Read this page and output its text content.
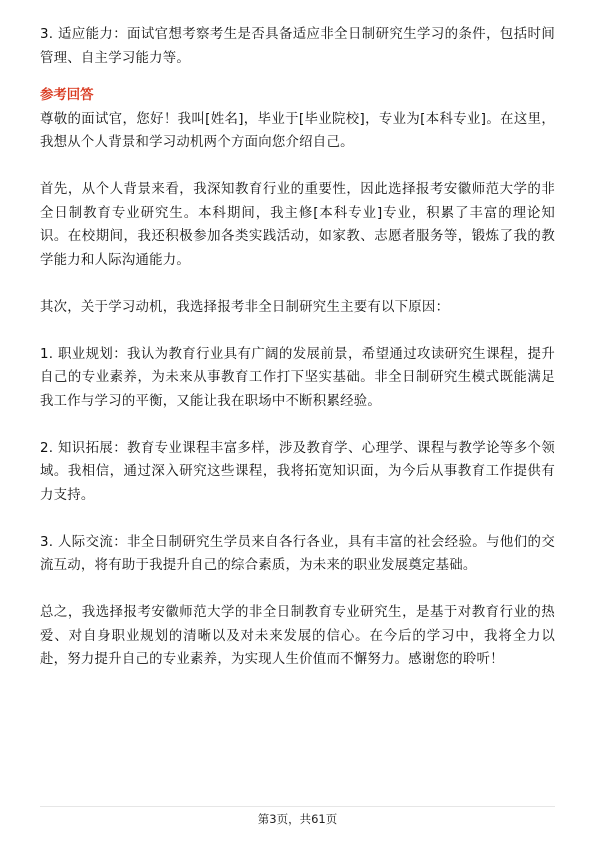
3. 适应能力：面试官想考察考生是否具备适应非全日制研究生学习的条件，包括时间管理、自主学习能力等。

参考回答

尊敬的面试官，您好！我叫[姓名]，毕业于[毕业院校]，专业为[本科专业]。在这里，我想从个人背景和学习动机两个方面向您介绍自己。

首先，从个人背景来看，我深知教育行业的重要性，因此选择报考安徽师范大学的非全日制教育专业研究生。本科期间，我主修[本科专业]专业，积累了丰富的理论知识。在校期间，我还积极参加各类实践活动，如家教、志愿者服务等，锻炼了我的教学能力和人际沟通能力。

其次，关于学习动机，我选择报考非全日制研究生主要有以下原因：

1. 职业规划：我认为教育行业具有广阔的发展前景，希望通过攻读研究生课程，提升自己的专业素养，为未来从事教育工作打下坚实基础。非全日制研究生模式既能满足我工作与学习的平衡，又能让我在职场中不断积累经验。

2. 知识拓展：教育专业课程丰富多样，涉及教育学、心理学、课程与教学论等多个领域。我相信，通过深入研究这些课程，我将拓宽知识面，为今后从事教育工作提供有力支持。

3. 人际交流：非全日制研究生学员来自各行各业，具有丰富的社会经验。与他们的交流互动，将有助于我提升自己的综合素质，为未来的职业发展奠定基础。

总之，我选择报考安徽师范大学的非全日制教育专业研究生，是基于对教育行业的热爱、对自身职业规划的清晰以及对未来发展的信心。在今后的学习中，我将全力以赴，努力提升自己的专业素养，为实现人生价值而不懈努力。感谢您的聆听！

第3页，共61页
